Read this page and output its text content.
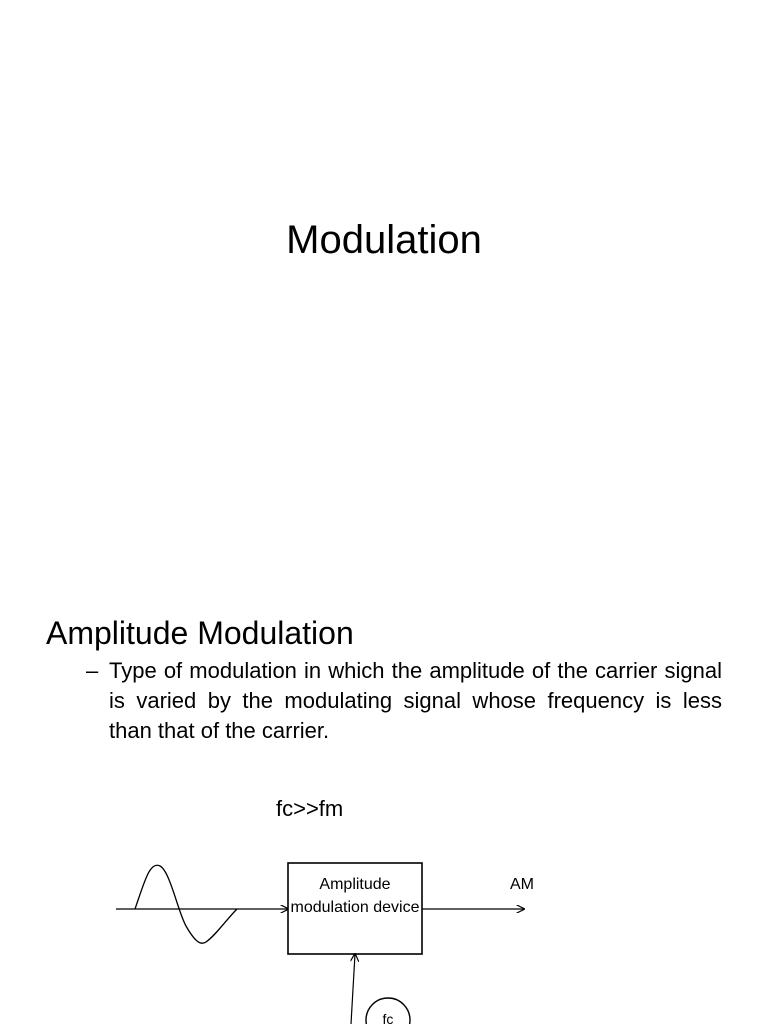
Modulation
Amplitude Modulation
– Type of modulation in which the amplitude of the carrier signal is varied by the modulating signal whose frequency is less than that of the carrier.
fc>>fm
Amplitude modulation device
AM
fc
